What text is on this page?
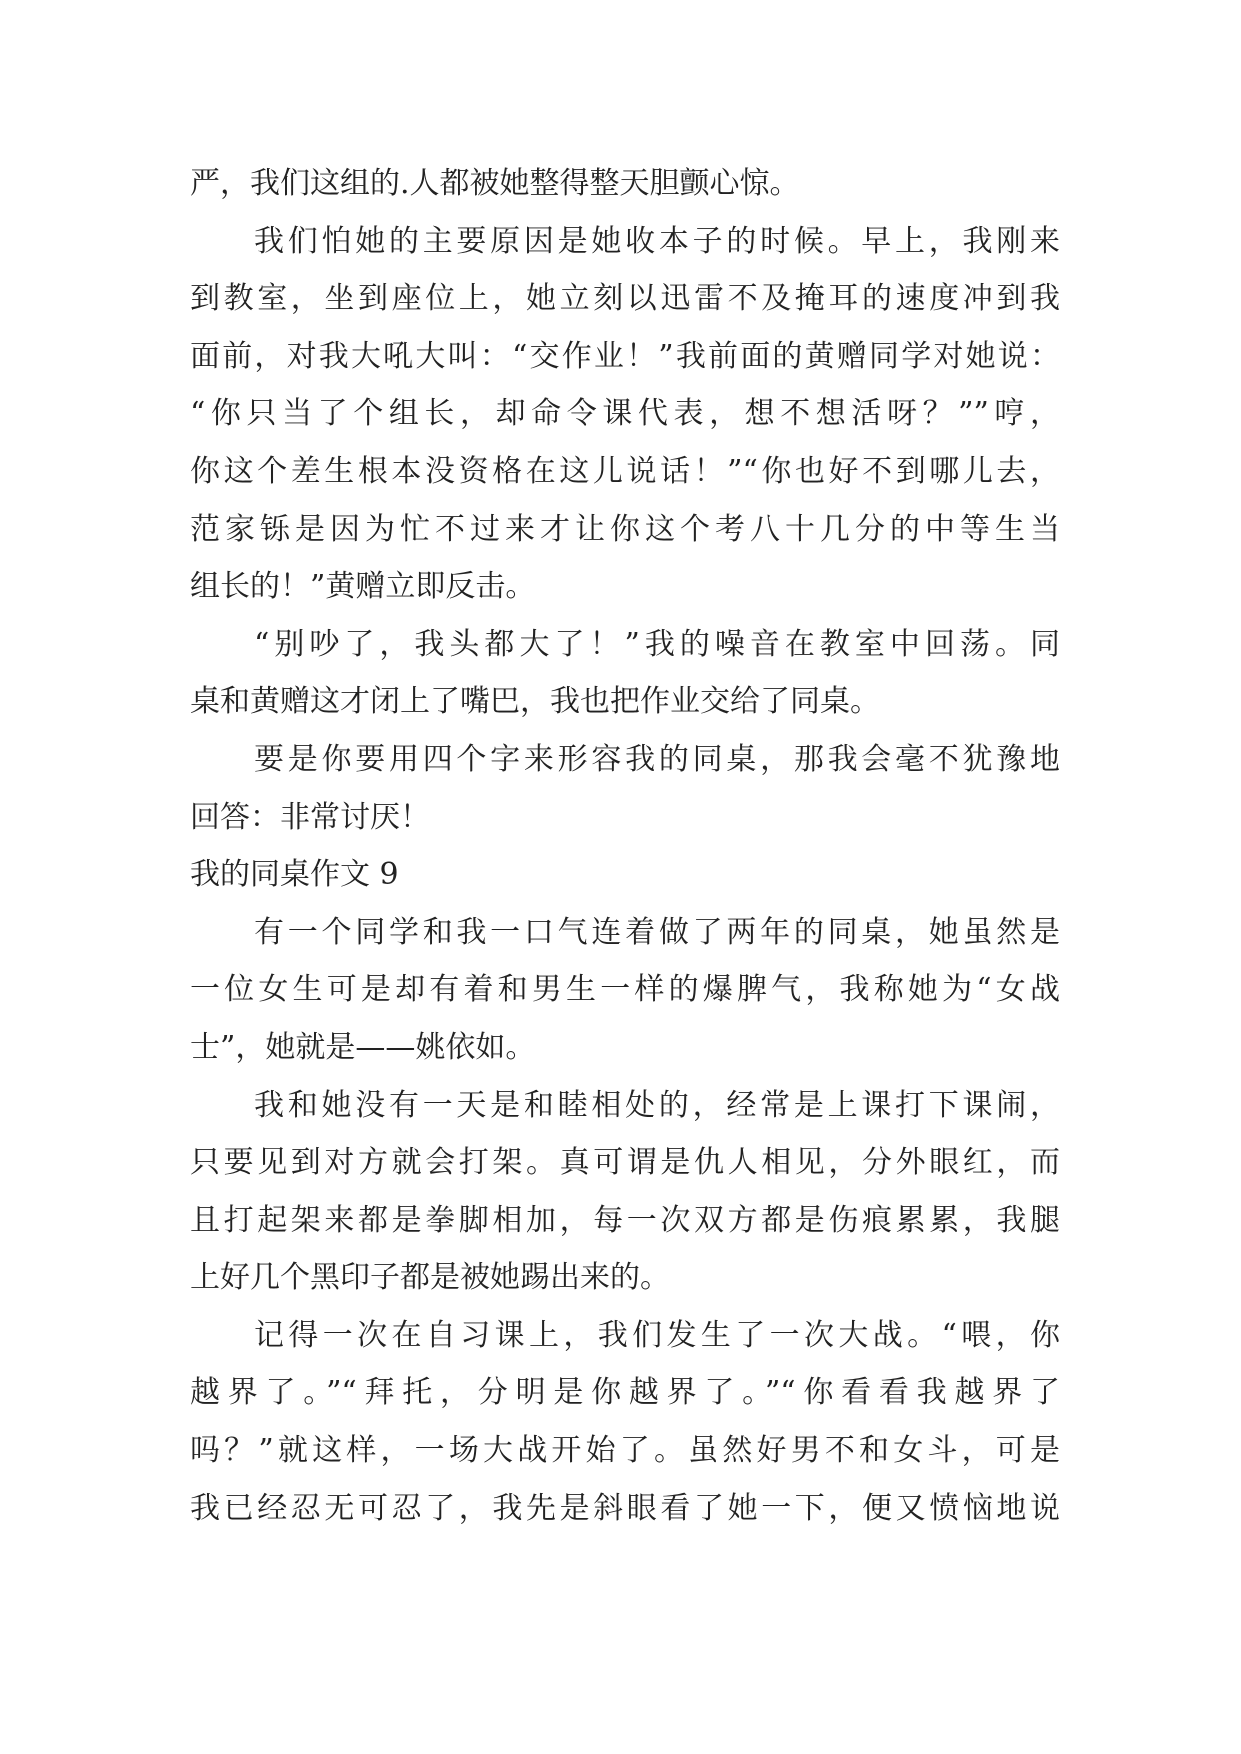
严，我们这组的.人都被她整得整天胆颤心惊。
我们怕她的主要原因是她收本子的时候。早上，我刚来
到教室，坐到座位上，她立刻以迅雷不及掩耳的速度冲到我
面前，对我大吼大叫：“交作业！”我前面的黄赠同学对她说：
“你只当了个组长，却命令课代表，想不想活呀？””哼，
你这个差生根本没资格在这儿说话！”“你也好不到哪儿去，
范家铄是因为忙不过来才让你这个考八十几分的中等生当
组长的！”黄赠立即反击。
“别吵了，我头都大了！”我的噪音在教室中回荡。同
桌和黄赠这才闭上了嘴巴，我也把作业交给了同桌。
要是你要用四个字来形容我的同桌，那我会毫不犹豫地
回答：非常讨厌！
我的同桌作文 9
有一个同学和我一口气连着做了两年的同桌，她虽然是
一位女生可是却有着和男生一样的爆脾气，我称她为“女战
士”，她就是——姚依如。
我和她没有一天是和睦相处的，经常是上课打下课闹，
只要见到对方就会打架。真可谓是仇人相见，分外眼红，而
且打起架来都是拳脚相加，每一次双方都是伤痕累累，我腿
上好几个黑印子都是被她踢出来的。
记得一次在自习课上，我们发生了一次大战。“喂，你
越界了。”“拜托，分明是你越界了。”“你看看我越界了
吗？”就这样，一场大战开始了。虽然好男不和女斗，可是
我已经忍无可忍了，我先是斜眼看了她一下，便又愤恼地说
